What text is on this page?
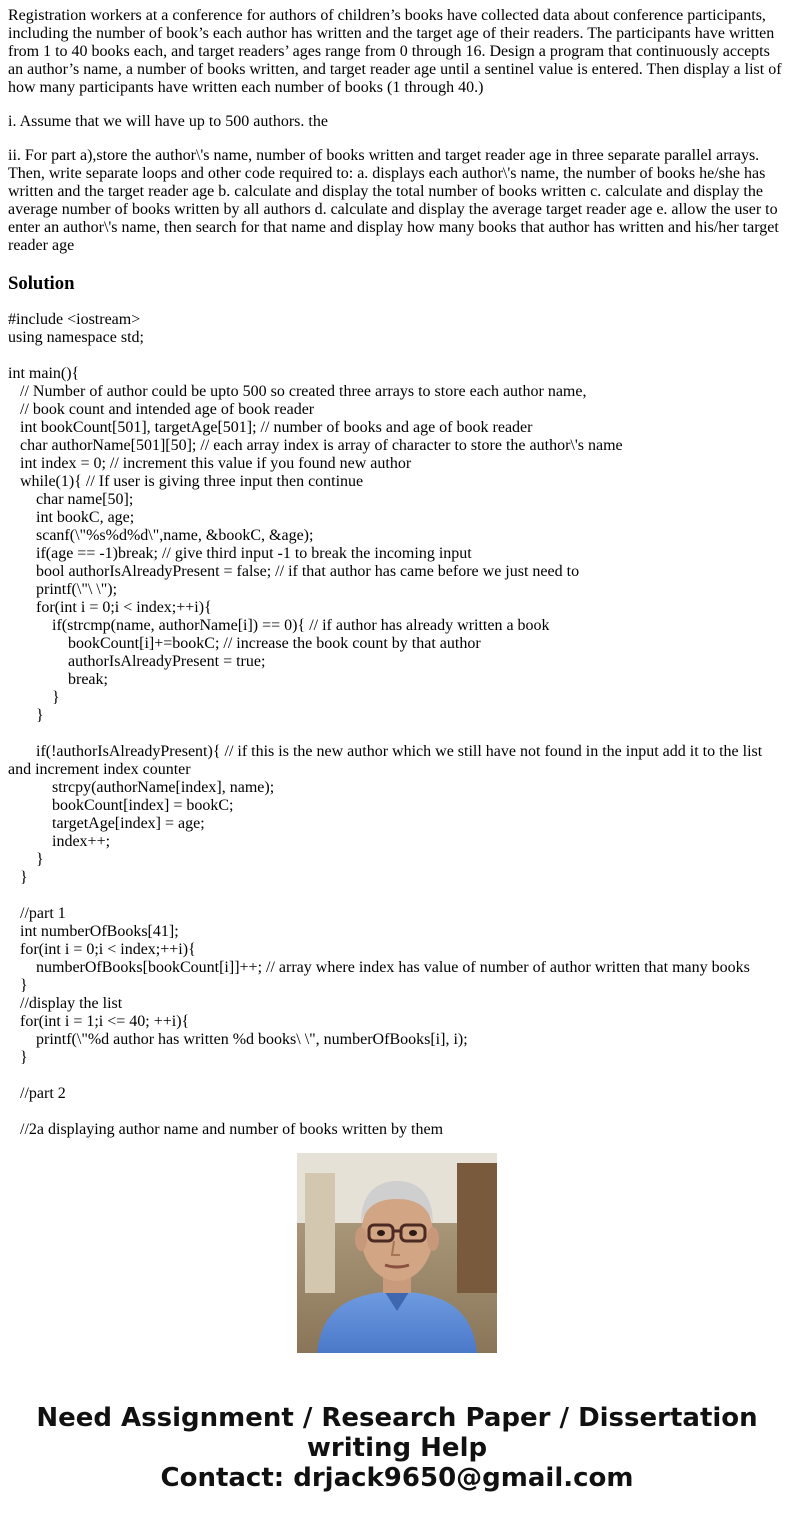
Registration workers at a conference for authors of children’s books have collected data about conference participants, including the number of book’s each author has written and the target age of their readers. The participants have written from 1 to 40 books each, and target readers’ ages range from 0 through 16. Design a program that continuously accepts an author’s name, a number of books written, and target reader age until a sentinel value is entered. Then display a list of how many participants have written each number of books (1 through 40.)

i. Assume that we will have up to 500 authors. the

ii. For part a),store the author\'s name, number of books written and target reader age in three separate parallel arrays. Then, write separate loops and other code required to: a. displays each author\'s name, the number of books he/she has written and the target reader age b. calculate and display the total number of books written c. calculate and display the average number of books written by all authors d. calculate and display the average target reader age e. allow the user to enter an author\'s name, then search for that name and display how many books that author has written and his/her target reader age

Solution
#include <iostream>
using namespace std;
int main(){
// Number of author could be upto 500 so created three arrays to store each author name,
// book count and intended age of book reader
int bookCount[501], targetAge[501]; // number of books and age of book reader
char authorName[501][50]; // each array index is array of character to store the author\'s name
int index = 0; // increment this value if you found new author
while(1){ // If user is giving three input then continue
char name[50];
int bookC, age;
scanf(\"%s%d%d\",name, &bookC, &age);
if(age == -1)break; // give third input -1 to break the incoming input
bool authorIsAlreadyPresent = false; // if that author has came before we just need to
printf(\"\ \");
for(int i = 0;i < index;++i){
if(strcmp(name, authorName[i]) == 0){ // if author has already written a book
bookCount[i]+=bookC; // increase the book count by that author
authorIsAlreadyPresent = true;
break;
}
}
if(!authorIsAlreadyPresent){ // if this is the new author which we still have not found in the input add it to the list and increment index counter
strcpy(authorName[index], name);
bookCount[index] = bookC;
targetAge[index] = age;
index++;
}
}
//part 1
int numberOfBooks[41];
for(int i = 0;i < index;++i){
numberOfBooks[bookCount[i]]++; // array where index has value of number of author written that many books
}
//display the list
for(int i = 1;i <= 40; ++i){
printf(\"%d author has written %d books\ \", numberOfBooks[i], i);
}
//part 2
//2a displaying author name and number of books written by them
Need Assignment / Research Paper / Dissertation
writing Help
Contact: drjack9650@gmail.com
